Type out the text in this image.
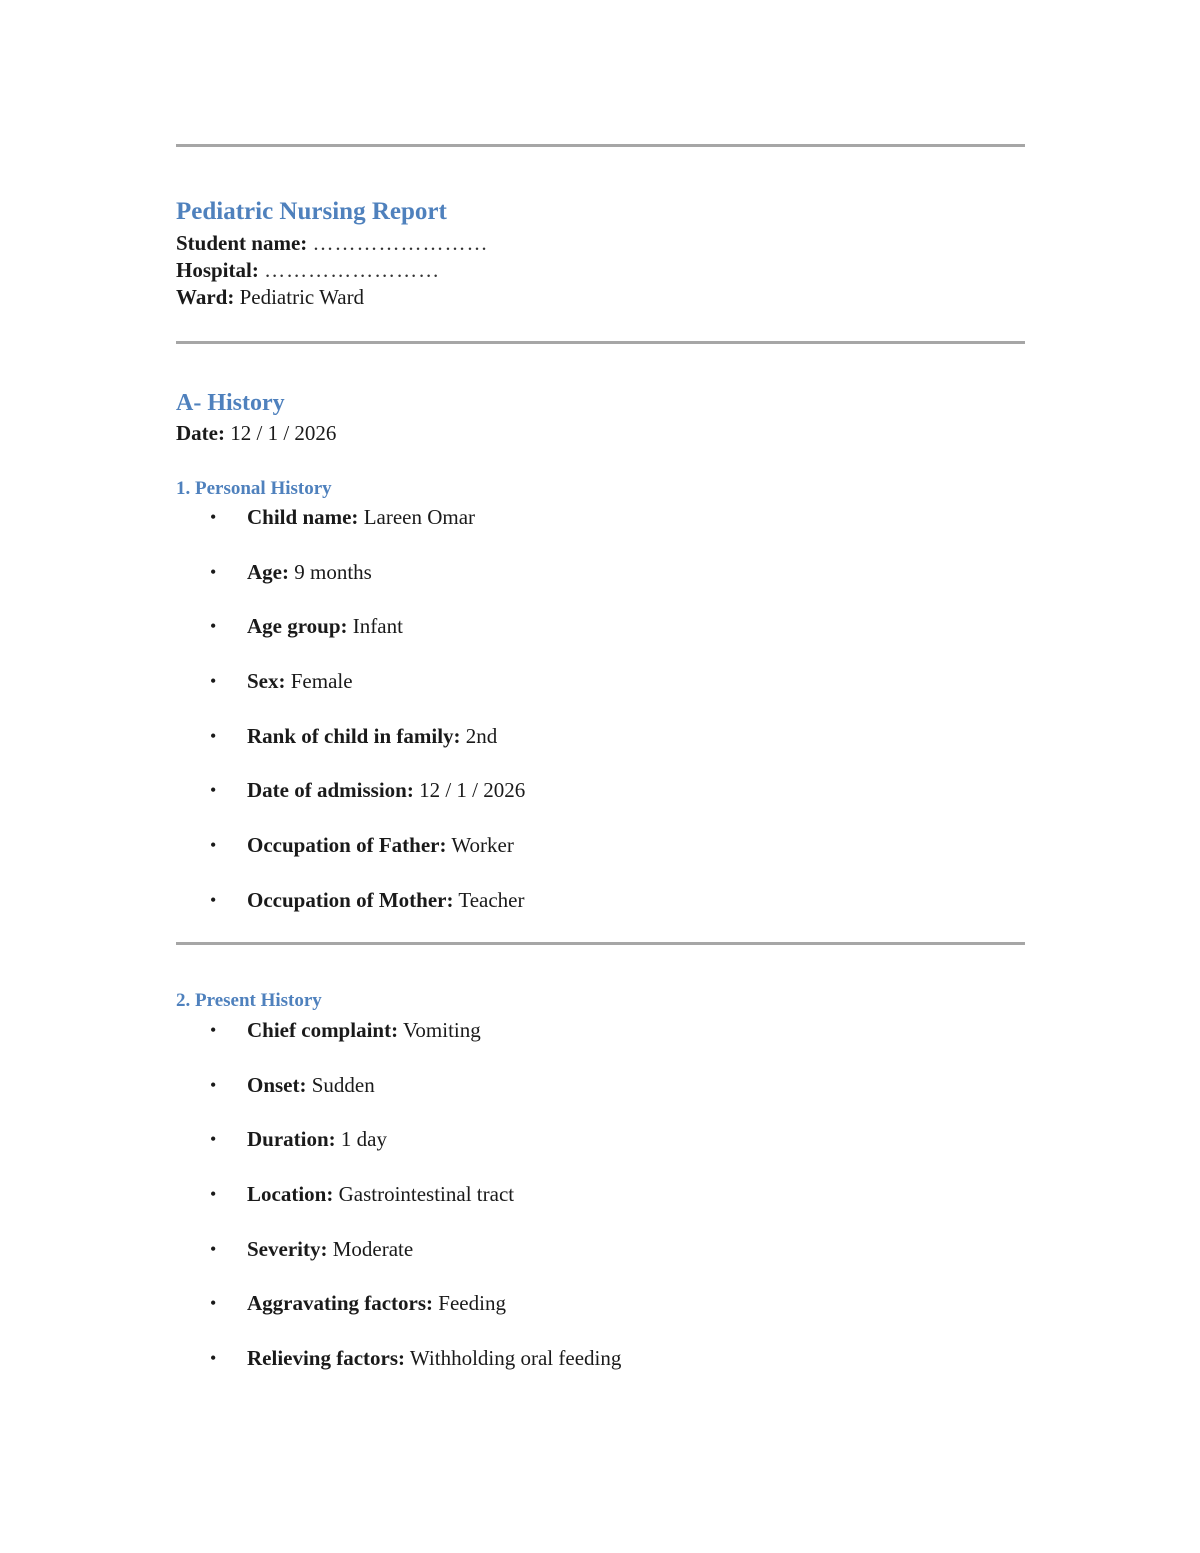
Pediatric Nursing Report
Student name: ……………………
Hospital: ……………………
Ward: Pediatric Ward
A- History
Date: 12 / 1 / 2026
1. Personal History
• Child name: Lareen Omar
• Age: 9 months
• Age group: Infant
• Sex: Female
• Rank of child in family: 2nd
• Date of admission: 12 / 1 / 2026
• Occupation of Father: Worker
• Occupation of Mother: Teacher
2. Present History
• Chief complaint: Vomiting
• Onset: Sudden
• Duration: 1 day
• Location: Gastrointestinal tract
• Severity: Moderate
• Aggravating factors: Feeding
• Relieving factors: Withholding oral feeding
